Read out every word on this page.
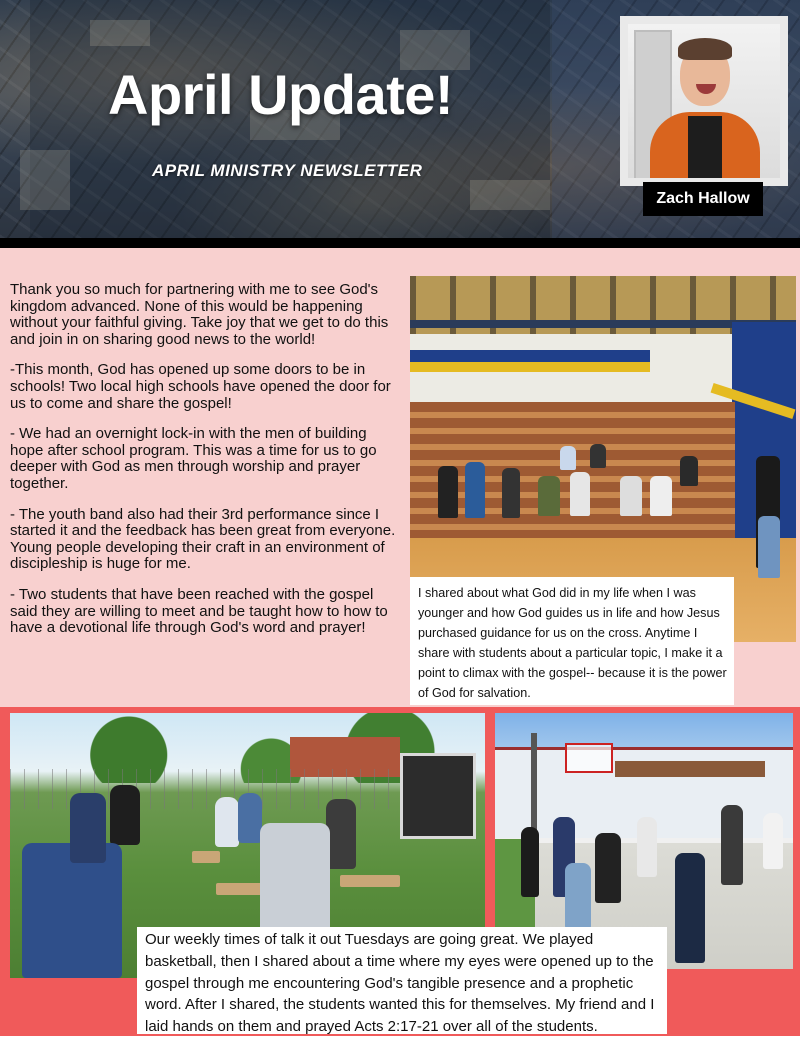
April Update!

APRIL MINISTRY NEWSLETTER

Zach Hallow

Thank you so much for partnering with me to see God's kingdom advanced. None of this would be happening without your faithful giving. Take joy that we get to do this and join in on sharing good news to the world!

-This month, God has opened up some doors to be in schools! Two local high schools have opened the door for us to come and share the gospel!

- We had an overnight lock-in with the men of building hope after school program. This was a time for us to go deeper with God as men through worship and prayer together.

- The youth band also had their 3rd performance since I started it and the feedback has been great from everyone. Young people developing their craft in an environment of discipleship is huge for me.

- Two students that have been reached with the gospel said they are willing to meet and be taught how to how to have a devotional life through God's word and prayer!

I shared about what God did in my life when I was younger and how God guides us in life and how Jesus purchased guidance for us on the cross. Anytime I share with students about a particular topic, I make it a point to climax with the gospel-- because it is the power of God for salvation.

Our weekly times of talk it out Tuesdays are going great. We played basketball, then I shared about a time where my eyes were opened up to the gospel through me encountering God's tangible presence and a prophetic word. After I shared, the students wanted this for themselves. My friend and I laid hands on them and prayed Acts 2:17-21 over all of the students.
